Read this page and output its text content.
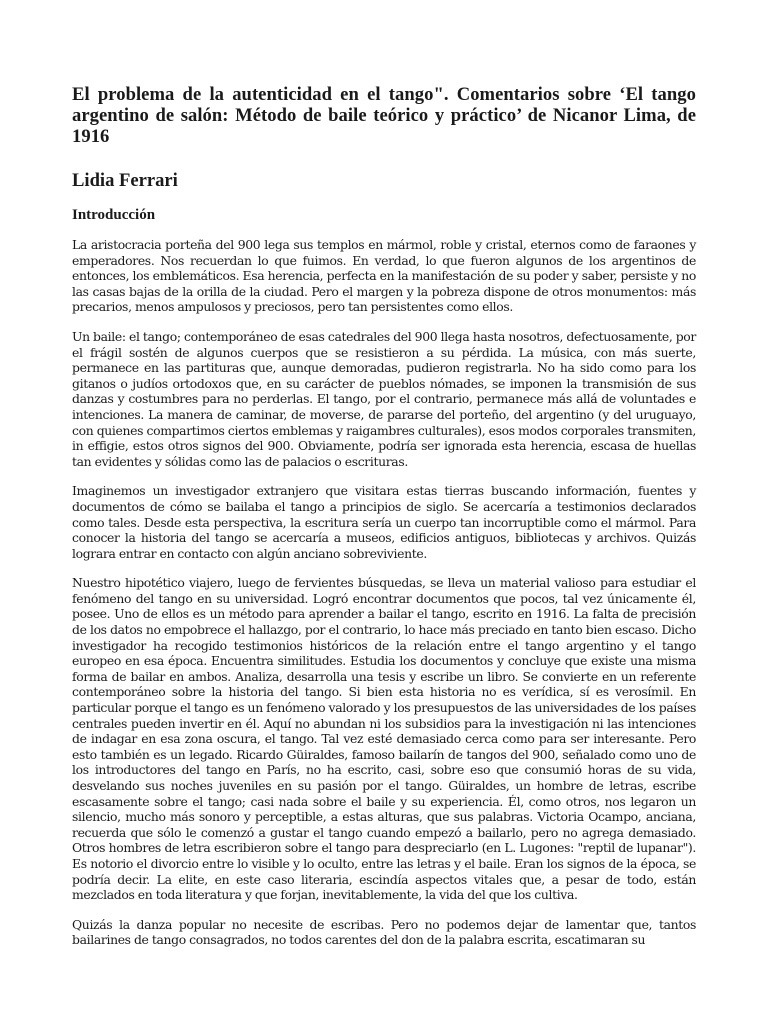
El problema de la autenticidad en el tango". Comentarios sobre ‘El tango argentino de salón: Método de baile teórico y práctico’ de Nicanor Lima, de 1916
Lidia Ferrari
Introducción

La aristocracia porteña del 900 lega sus templos en mármol, roble y cristal, eternos como de faraones y emperadores. Nos recuerdan lo que fuimos. En verdad, lo que fueron algunos de los argentinos de entonces, los emblemáticos. Esa herencia, perfecta en la manifestación de su poder y saber, persiste y no las casas bajas de la orilla de la ciudad. Pero el margen y la pobreza dispone de otros monumentos: más precarios, menos ampulosos y preciosos, pero tan persistentes como ellos.

Un baile: el tango; contemporáneo de esas catedrales del 900 llega hasta nosotros, defectuosamente, por el frágil sostén de algunos cuerpos que se resistieron a su pérdida. La música, con más suerte, permanece en las partituras que, aunque demoradas, pudieron registrarla. No ha sido como para los gitanos o judíos ortodoxos que, en su carácter de pueblos nómades, se imponen la transmisión de sus danzas y costumbres para no perderlas. El tango, por el contrario, permanece más allá de voluntades e intenciones. La manera de caminar, de moverse, de pararse del porteño, del argentino (y del uruguayo, con quienes compartimos ciertos emblemas y raigambres culturales), esos modos corporales transmiten, in effigie, estos otros signos del 900. Obviamente, podría ser ignorada esta herencia, escasa de huellas tan evidentes y sólidas como las de palacios o escrituras.

Imaginemos un investigador extranjero que visitara estas tierras buscando información, fuentes y documentos de cómo se bailaba el tango a principios de siglo. Se acercaría a testimonios declarados como tales. Desde esta perspectiva, la escritura sería un cuerpo tan incorruptible como el mármol. Para conocer la historia del tango se acercaría a museos, edificios antiguos, bibliotecas y archivos. Quizás lograra entrar en contacto con algún anciano sobreviviente.

Nuestro hipotético viajero, luego de fervientes búsquedas, se lleva un material valioso para estudiar el fenómeno del tango en su universidad. Logró encontrar documentos que pocos, tal vez únicamente él, posee. Uno de ellos es un método para aprender a bailar el tango, escrito en 1916. La falta de precisión de los datos no empobrece el hallazgo, por el contrario, lo hace más preciado en tanto bien escaso. Dicho investigador ha recogido testimonios históricos de la relación entre el tango argentino y el tango europeo en esa época. Encuentra similitudes. Estudia los documentos y concluye que existe una misma forma de bailar en ambos. Analiza, desarrolla una tesis y escribe un libro. Se convierte en un referente contemporáneo sobre la historia del tango. Si bien esta historia no es verídica, sí es verosímil. En particular porque el tango es un fenómeno valorado y los presupuestos de las universidades de los países centrales pueden invertir en él. Aquí no abundan ni los subsidios para la investigación ni las intenciones de indagar en esa zona oscura, el tango. Tal vez esté demasiado cerca como para ser interesante. Pero esto también es un legado. Ricardo Güiraldes, famoso bailarín de tangos del 900, señalado como uno de los introductores del tango en París, no ha escrito, casi, sobre eso que consumió horas de su vida, desvelando sus noches juveniles en su pasión por el tango. Güiraldes, un hombre de letras, escribe escasamente sobre el tango; casi nada sobre el baile y su experiencia. Él, como otros, nos legaron un silencio, mucho más sonoro y perceptible, a estas alturas, que sus palabras. Victoria Ocampo, anciana, recuerda que sólo le comenzó a gustar el tango cuando empezó a bailarlo, pero no agrega demasiado. Otros hombres de letra escribieron sobre el tango para despreciarlo (en L. Lugones: "reptil de lupanar"). Es notorio el divorcio entre lo visible y lo oculto, entre las letras y el baile. Eran los signos de la época, se podría decir. La elite, en este caso literaria, escindía aspectos vitales que, a pesar de todo, están mezclados en toda literatura y que forjan, inevitablemente, la vida del que los cultiva.

Quizás la danza popular no necesite de escribas. Pero no podemos dejar de lamentar que, tantos bailarines de tango consagrados, no todos carentes del don de la palabra escrita, escatimaran su
